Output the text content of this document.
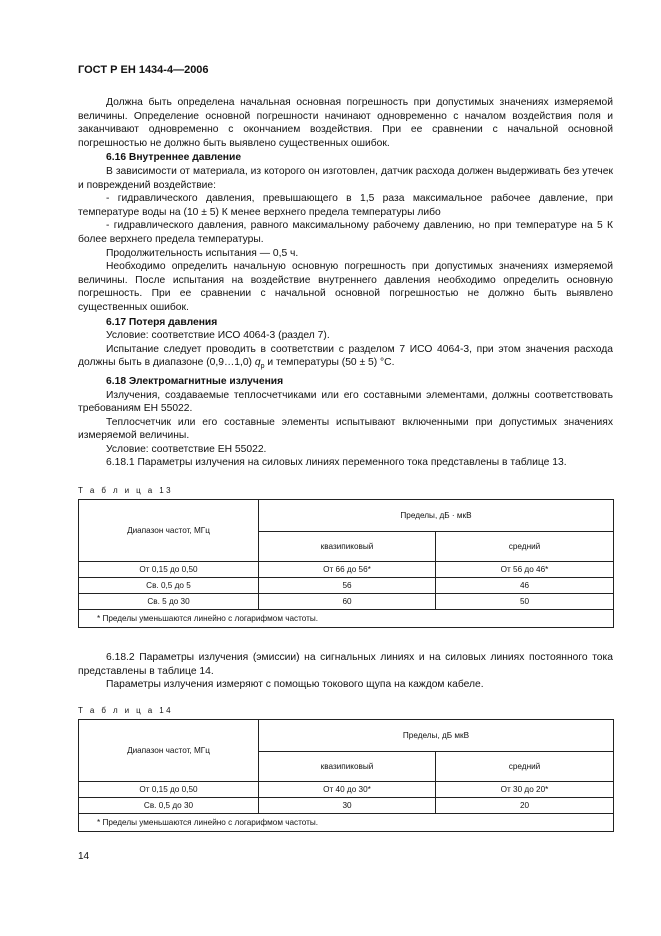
ГОСТ Р ЕН 1434-4—2006

Должна быть определена начальная основная погрешность при допустимых значениях измеряемой величины. Определение основной погрешности начинают одновременно с началом воздействия поля и заканчивают одновременно с окончанием воздействия. При ее сравнении с начальной основной погрешностью не должно быть выявлено существенных ошибок.

6.16 Внутреннее давление

В зависимости от материала, из которого он изготовлен, датчик расхода должен выдерживать без утечек и повреждений воздействие:

- гидравлического давления, превышающего в 1,5 раза максимальное рабочее давление, при температуре воды на (10 ± 5) К менее верхнего предела температуры либо

- гидравлического давления, равного максимальному рабочему давлению, но при температуре на 5 К более верхнего предела температуры.

Продолжительность испытания — 0,5 ч.

Необходимо определить начальную основную погрешность при допустимых значениях измеряемой величины. После испытания на воздействие внутреннего давления необходимо определить основную погрешность. При ее сравнении с начальной основной погрешностью не должно быть выявлено существенных ошибок.

6.17 Потеря давления

Условие: соответствие ИСО 4064-3 (раздел 7).

Испытание следует проводить в соответствии с разделом 7 ИСО 4064-3, при этом значения расхода должны быть в диапазоне (0,9…1,0) $q_p$ и температуры (50 ± 5) °С.

6.18 Электромагнитные излучения

Излучения, создаваемые теплосчетчиками или его составными элементами, должны соответствовать требованиям ЕН 55022.

Теплосчетчик или его составные элементы испытывают включенными при допустимых значениях измеряемой величины.

Условие: соответствие ЕН 55022.

6.18.1 Параметры излучения на силовых линиях переменного тока представлены в таблице 13.

Т а б л и ц а 13
Диапазон частот, МГц	Пределы, дБ · мкВ	
	квазипиковый	средний
От 0,15 до 0,50	От 66 до 56*	От 56 до 46*
Св. 0,5 до 5	56	46
Св. 5 до 30	60	50
* Пределы уменьшаются линейно с логарифмом частоты.		

6.18.2 Параметры излучения (эмиссии) на сигнальных линиях и на силовых линиях постоянного тока представлены в таблице 14.

Параметры излучения измеряют с помощью токового щупа на каждом кабеле.

Т а б л и ц а 14
Диапазон частот, МГц	Пределы, дБ мкВ	
	квазипиковый	средний
От 0,15 до 0,50	От 40 до 30*	От 30 до 20*
Св. 0,5 до 30	30	20
* Пределы уменьшаются линейно с логарифмом частоты.		
14
